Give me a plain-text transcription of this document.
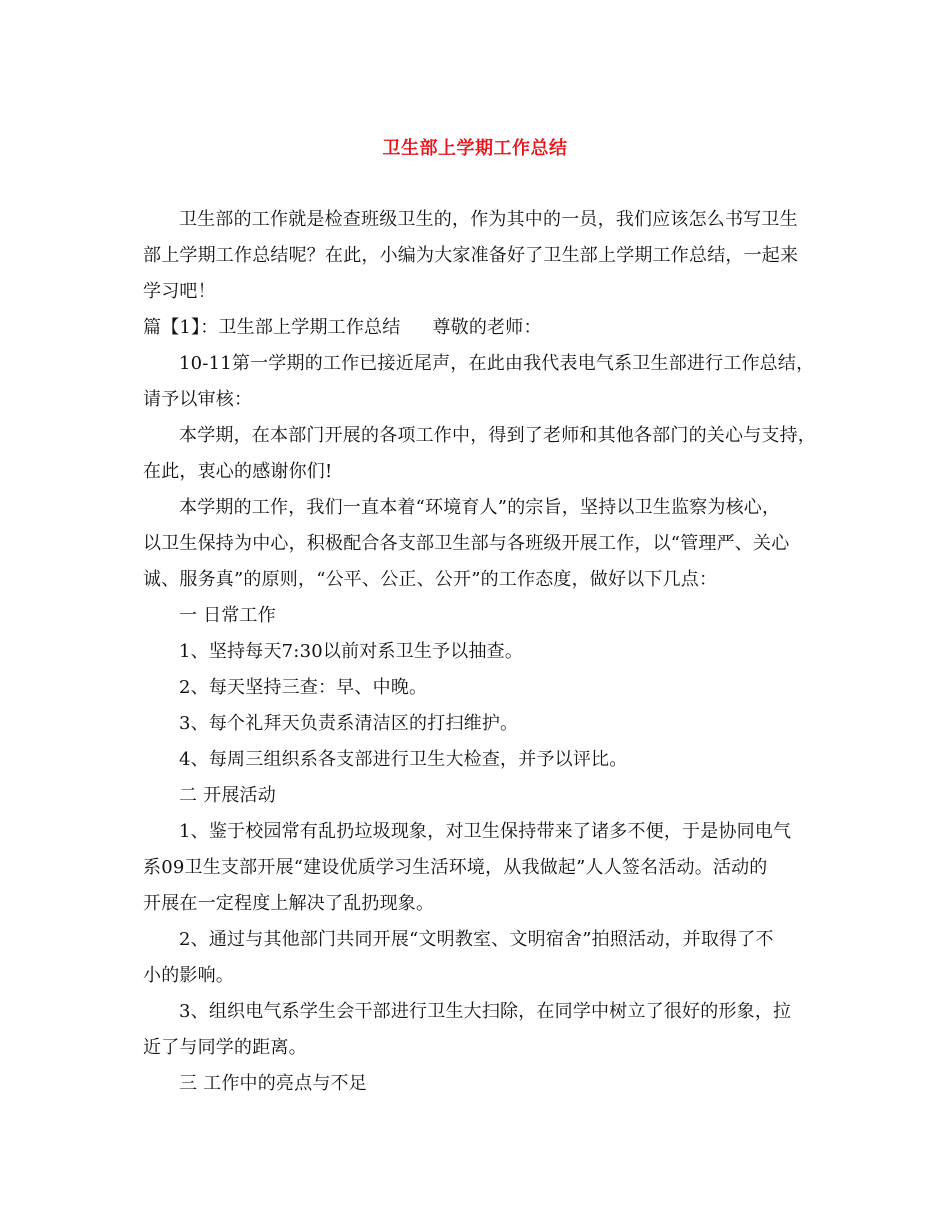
卫生部上学期工作总结
卫生部的工作就是检查班级卫生的，作为其中的一员，我们应该怎么书写卫生
部上学期工作总结呢？在此，小编为大家准备好了卫生部上学期工作总结，一起来
学习吧！
篇【1】：卫生部上学期工作总结 尊敬的老师：
10-11第一学期的工作已接近尾声，在此由我代表电气系卫生部进行工作总结，
请予以审核：
本学期，在本部门开展的各项工作中，得到了老师和其他各部门的关心与支持，
在此，衷心的感谢你们!
本学期的工作，我们一直本着“环境育人”的宗旨，坚持以卫生监察为核心，
以卫生保持为中心，积极配合各支部卫生部与各班级开展工作，以“管理严、关心
诚、服务真”的原则，“公平、公正、公开”的工作态度，做好以下几点：
一 日常工作
1、坚持每天7:30以前对系卫生予以抽查。
2、每天坚持三查：早、中晚。
3、每个礼拜天负责系清洁区的打扫维护。
4、每周三组织系各支部进行卫生大检查，并予以评比。
二 开展活动
1、鉴于校园常有乱扔垃圾现象，对卫生保持带来了诸多不便，于是协同电气
系09卫生支部开展“建设优质学习生活环境，从我做起”人人签名活动。活动的
开展在一定程度上解决了乱扔现象。
2、通过与其他部门共同开展“文明教室、文明宿舍”拍照活动，并取得了不
小的影响。
3、组织电气系学生会干部进行卫生大扫除，在同学中树立了很好的形象，拉
近了与同学的距离。
三 工作中的亮点与不足
